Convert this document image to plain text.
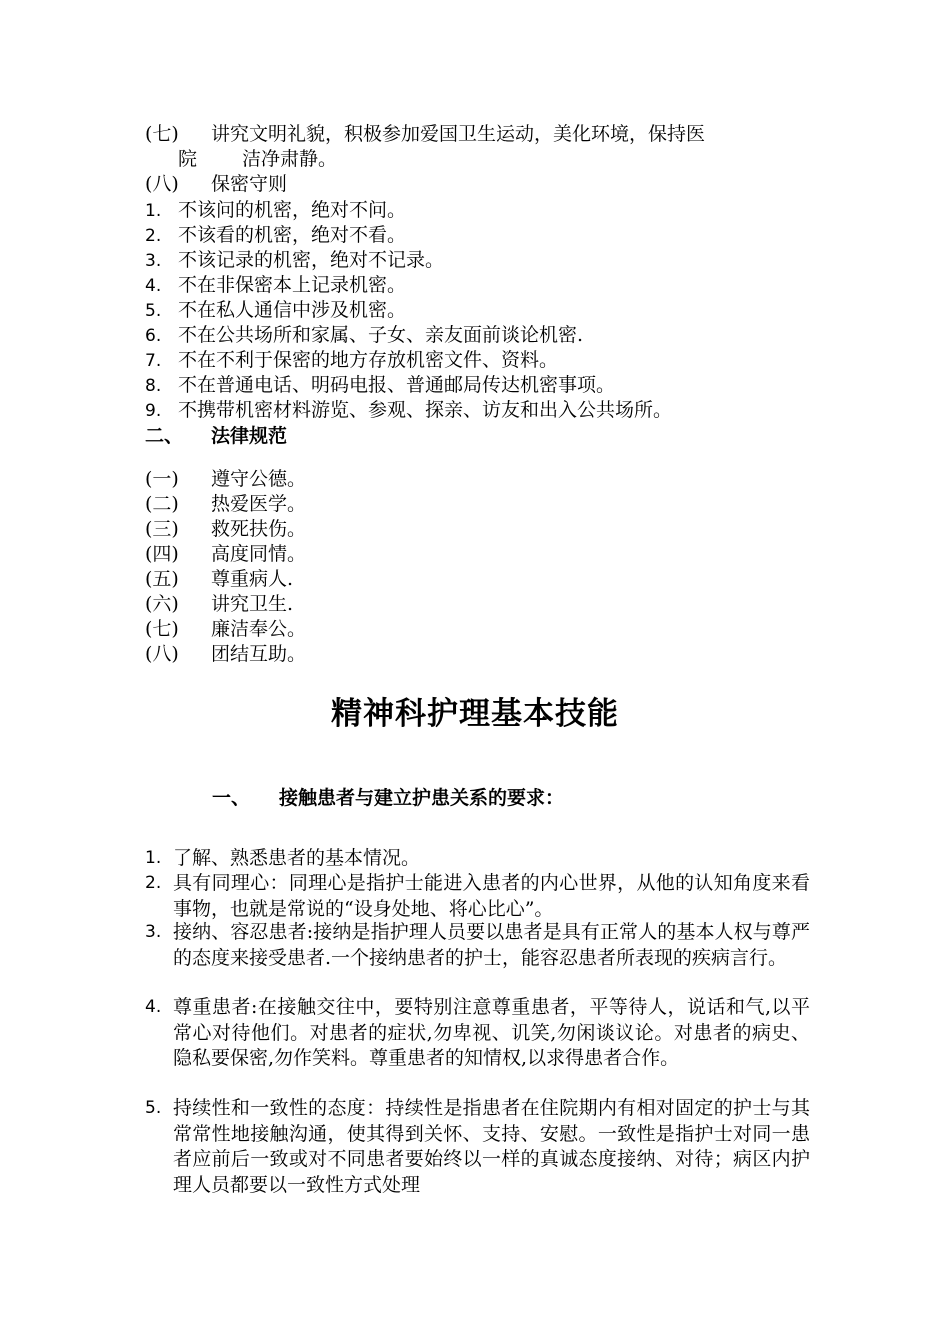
(七) 讲究文明礼貌，积极参加爱国卫生运动，美化环境，保持医
院 洁净肃静。
(八) 保密守则
1. 不该问的机密，绝对不问。
2. 不该看的机密，绝对不看。
3. 不该记录的机密，绝对不记录。
4. 不在非保密本上记录机密。
5. 不在私人通信中涉及机密。
6. 不在公共场所和家属、子女、亲友面前谈论机密.
7. 不在不利于保密的地方存放机密文件、资料。
8. 不在普通电话、明码电报、普通邮局传达机密事项。
9. 不携带机密材料游览、参观、探亲、访友和出入公共场所。
二、 法律规范
(一) 遵守公德。
(二) 热爱医学。
(三) 救死扶伤。
(四) 高度同情。
(五) 尊重病人.
(六) 讲究卫生.
(七) 廉洁奉公。
(八) 团结互助。
精神科护理基本技能
一、 接触患者与建立护患关系的要求：
1. 了解、熟悉患者的基本情况。
2. 具有同理心：同理心是指护士能进入患者的内心世界，从他的认知角度来看事物，也就是常说的“设身处地、将心比心”。
3. 接纳、容忍患者:接纳是指护理人员要以患者是具有正常人的基本人权与尊严的态度来接受患者.一个接纳患者的护士，能容忍患者所表现的疾病言行。
4. 尊重患者:在接触交往中，要特别注意尊重患者，平等待人，说话和气,以平常心对待他们。对患者的症状,勿卑视、讥笑,勿闲谈议论。对患者的病史、隐私要保密,勿作笑料。尊重患者的知情权,以求得患者合作。
5. 持续性和一致性的态度：持续性是指患者在住院期内有相对固定的护士与其常常性地接触沟通，使其得到关怀、支持、安慰。一致性是指护士对同一患者应前后一致或对不同患者要始终以一样的真诚态度接纳、对待；病区内护理人员都要以一致性方式处理
